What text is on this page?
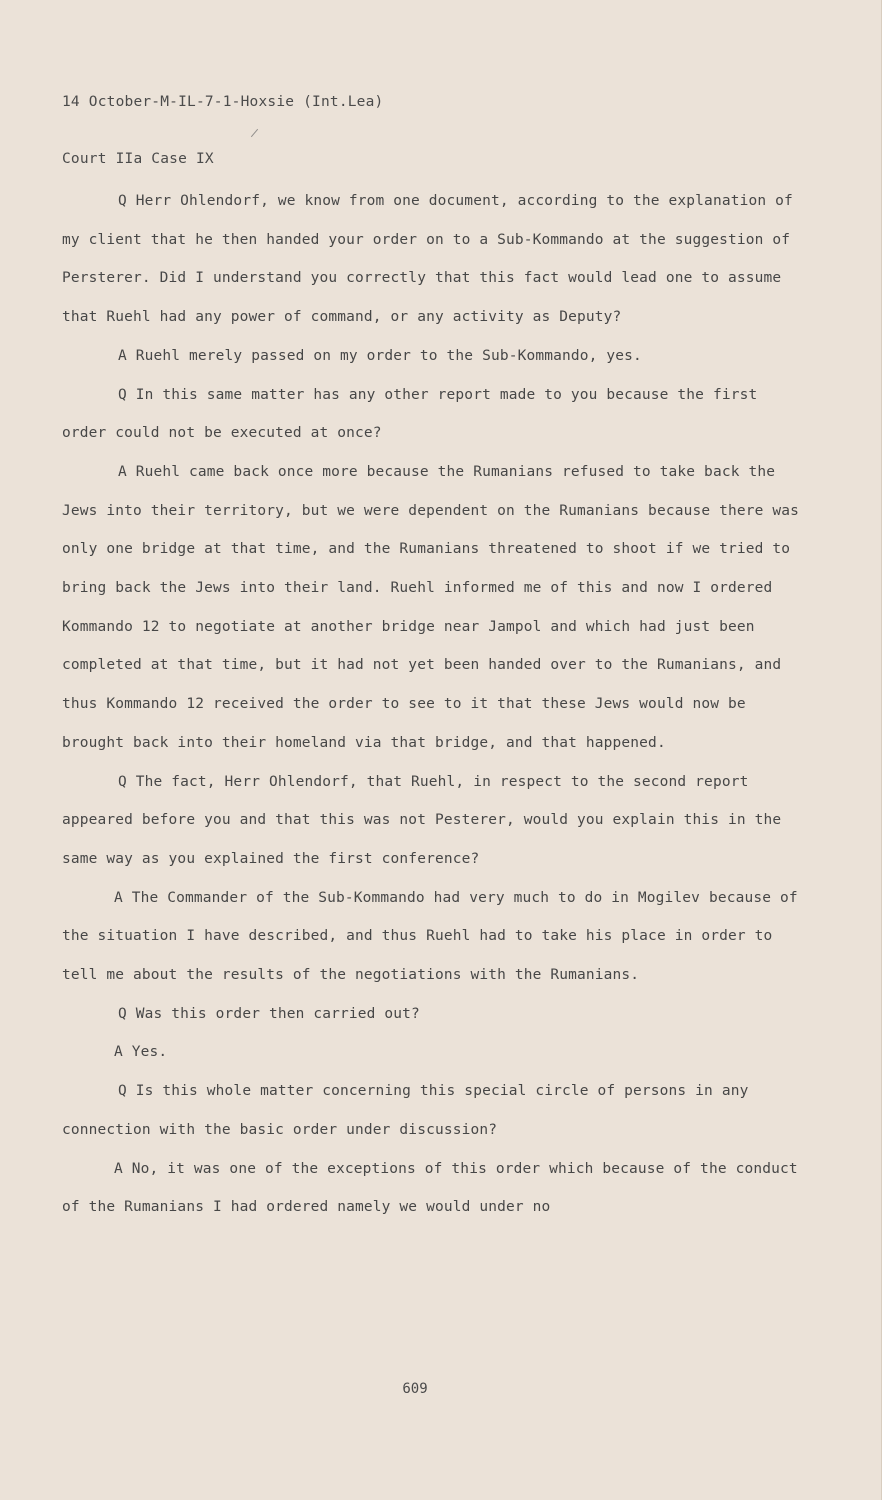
14 October-M-IL-7-1-Hoxsie (Int.Lea)

Court IIa Case IX

Q Herr Ohlendorf, we know from one document, according to the explanation of my client that he then handed your order on to a Sub-Kommando at the suggestion of Persterer. Did I understand you correctly that this fact would lead one to assume that Ruehl had any power of command, or any activity as Deputy?

A Ruehl merely passed on my order to the Sub-Kommando, yes.

Q In this same matter has any other report made to you because the first order could not be executed at once?

A Ruehl came back once more because the Rumanians refused to take back the Jews into their territory, but we were dependent on the Rumanians because there was only one bridge at that time, and the Rumanians threatened to shoot if we tried to bring back the Jews into their land. Ruehl informed me of this and now I ordered Kommando 12 to negotiate at another bridge near Jampol and which had just been completed at that time, but it had not yet been handed over to the Rumanians, and thus Kommando 12 received the order to see to it that these Jews would now be brought back into their homeland via that bridge, and that happened.

Q The fact, Herr Ohlendorf, that Ruehl, in respect to the second report appeared before you and that this was not Pesterer, would you explain this in the same way as you explained the first conference?

A The Commander of the Sub-Kommando had very much to do in Mogilev because of the situation I have described, and thus Ruehl had to take his place in order to tell me about the results of the negotiations with the Rumanians.

Q Was this order then carried out?

A Yes.

Q Is this whole matter concerning this special circle of persons in any connection with the basic order under discussion?

A No, it was one of the exceptions of this order which because of the conduct of the Rumanians I had ordered namely we would under no

609
